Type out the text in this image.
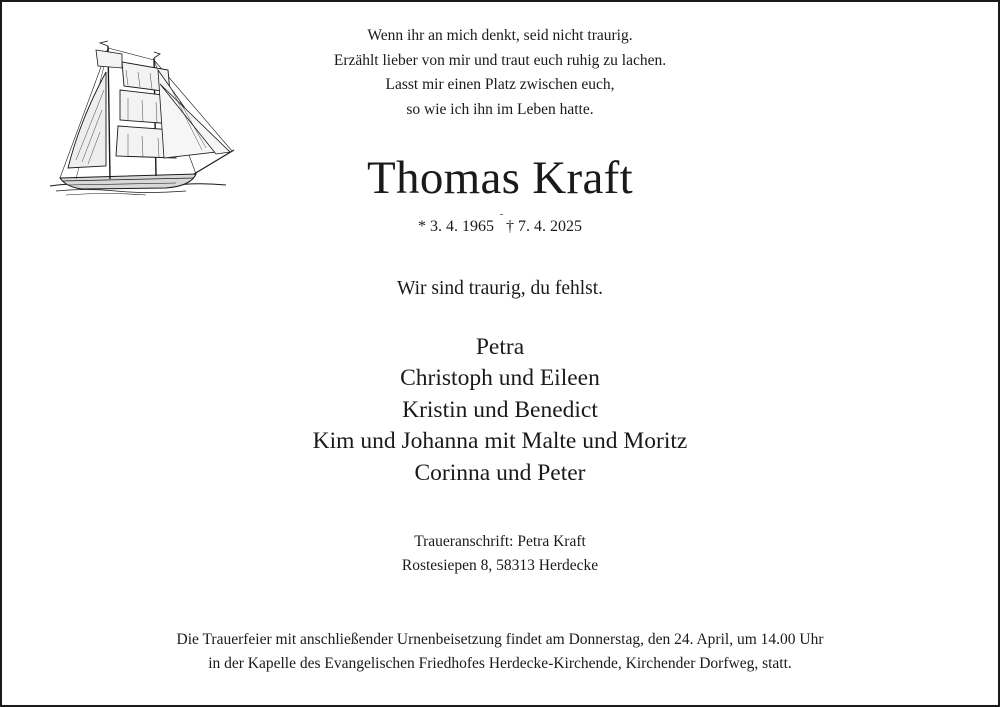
Wenn ihr an mich denkt, seid nicht traurig.
Erzählt lieber von mir und traut euch ruhig zu lachen.
Lasst mir einen Platz zwischen euch,
so wie ich ihn im Leben hatte.
Thomas Kraft
* 3. 4. 1965 † 7. 4. 2025
Wir sind traurig, du fehlst.
Petra
Christoph und Eileen
Kristin und Benedict
Kim und Johanna mit Malte und Moritz
Corinna und Peter
Traueranschrift: Petra Kraft
Rostesiepen 8, 58313 Herdecke
Die Trauerfeier mit anschließender Urnenbeisetzung findet am Donnerstag, den 24. April, um 14.00 Uhr
in der Kapelle des Evangelischen Friedhofes Herdecke-Kirchende, Kirchender Dorfweg, statt.
